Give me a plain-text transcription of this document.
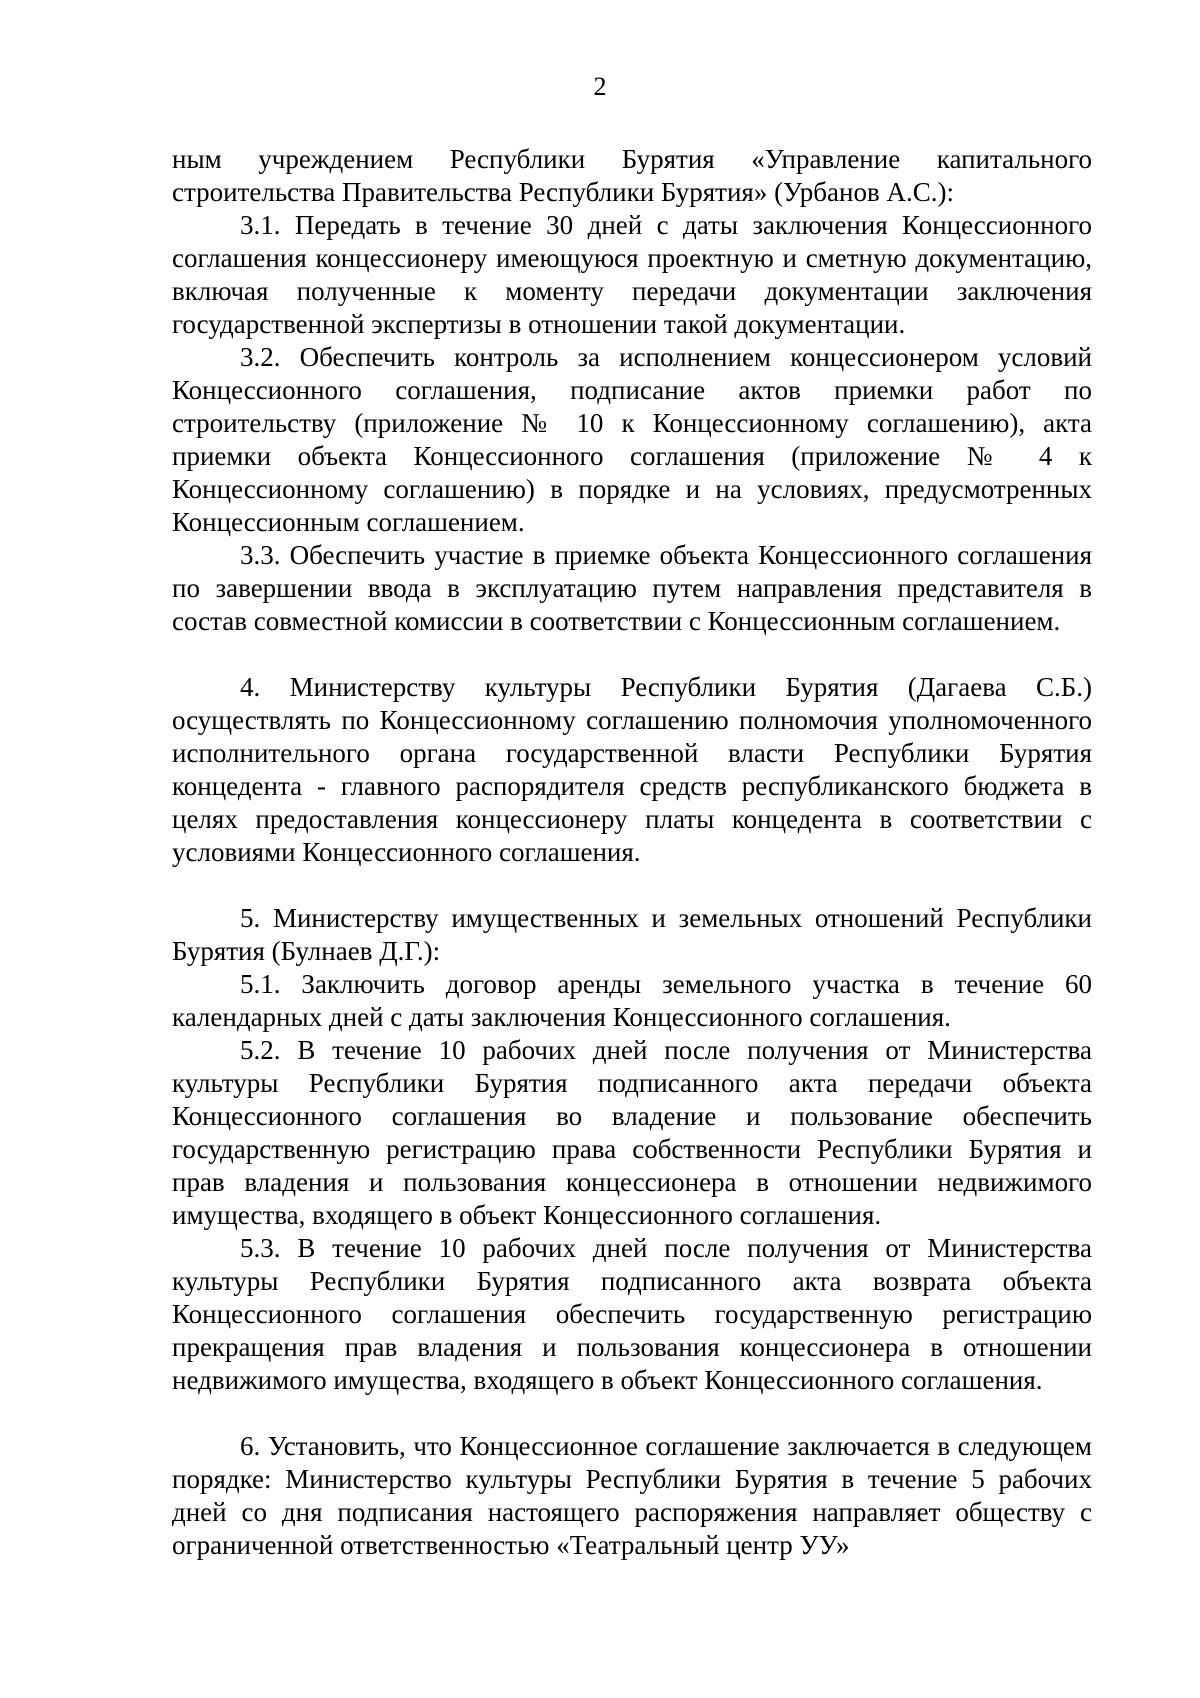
2

ным учреждением Республики Бурятия «Управление капитального строительства Правительства Республики Бурятия» (Урбанов А.С.):

3.1. Передать в течение 30 дней с даты заключения Концессионного соглашения концессионеру имеющуюся проектную и сметную документацию, включая полученные к моменту передачи документации заключения государственной экспертизы в отношении такой документации.

3.2. Обеспечить контроль за исполнением концессионером условий Концессионного соглашения, подписание актов приемки работ по строительству (приложение № 10 к Концессионному соглашению), акта приемки объекта Концессионного соглашения (приложение № 4 к Концессионному соглашению) в порядке и на условиях, предусмотренных Концессионным соглашением.

3.3. Обеспечить участие в приемке объекта Концессионного соглашения по завершении ввода в эксплуатацию путем направления представителя в состав совместной комиссии в соответствии с Концессионным соглашением.

4. Министерству культуры Республики Бурятия (Дагаева С.Б.) осуществлять по Концессионному соглашению полномочия уполномоченного исполнительного органа государственной власти Республики Бурятия концедента - главного распорядителя средств республиканского бюджета в целях предоставления концессионеру платы концедента в соответствии с условиями Концессионного соглашения.

5. Министерству имущественных и земельных отношений Республики Бурятия (Булнаев Д.Г.):

5.1. Заключить договор аренды земельного участка в течение 60 календарных дней с даты заключения Концессионного соглашения.

5.2. В течение 10 рабочих дней после получения от Министерства культуры Республики Бурятия подписанного акта передачи объекта Концессионного соглашения во владение и пользование обеспечить государственную регистрацию права собственности Республики Бурятия и прав владения и пользования концессионера в отношении недвижимого имущества, входящего в объект Концессионного соглашения.

5.3. В течение 10 рабочих дней после получения от Министерства культуры Республики Бурятия подписанного акта возврата объекта Концессионного соглашения обеспечить государственную регистрацию прекращения прав владения и пользования концессионера в отношении недвижимого имущества, входящего в объект Концессионного соглашения.

6. Установить, что Концессионное соглашение заключается в следующем порядке: Министерство культуры Республики Бурятия в течение 5 рабочих дней со дня подписания настоящего распоряжения направляет обществу с ограниченной ответственностью «Театральный центр УУ»
